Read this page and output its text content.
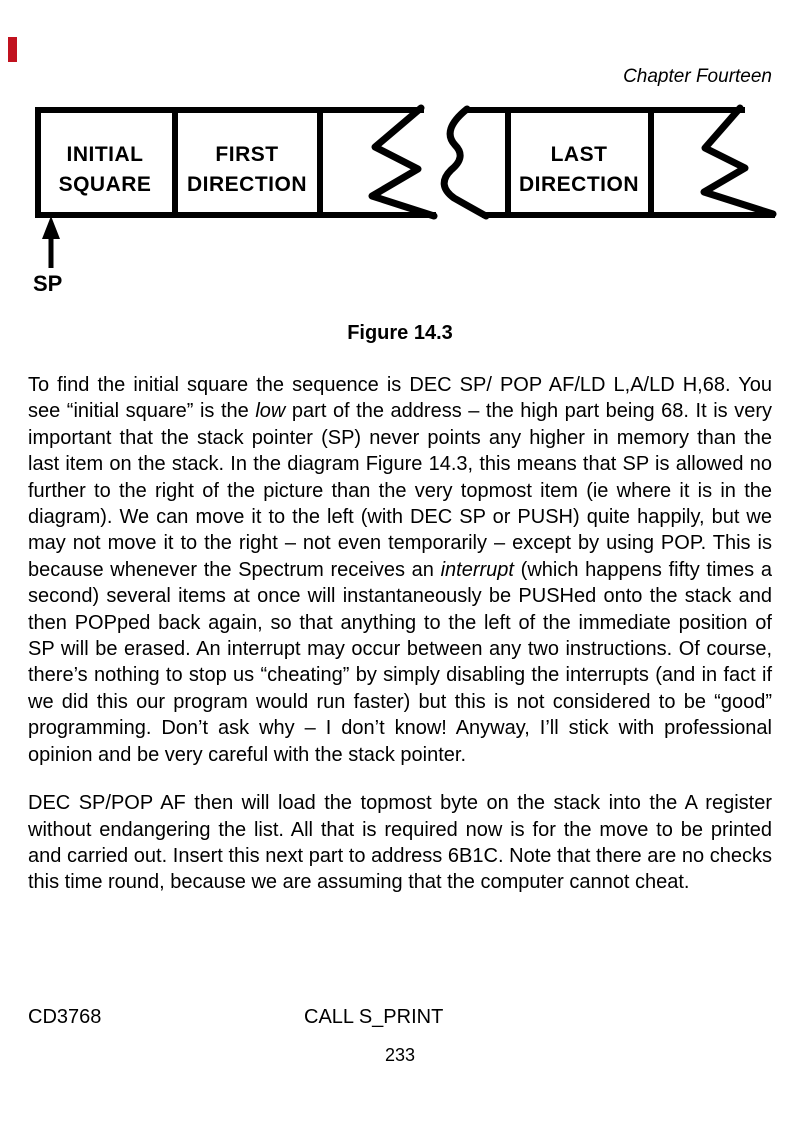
Chapter Fourteen
INITIAL
SQUARE
FIRST
DIRECTION
LAST
DIRECTION
SP
Figure 14.3

To find the initial square the sequence is DEC SP/ POP AF/LD L,A/LD H,68. You see “initial square” is the low part of the address – the high part being 68. It is very important that the stack pointer (SP) never points any higher in memory than the last item on the stack. In the diagram Figure 14.3, this means that SP is allowed no further to the right of the picture than the very topmost item (ie where it is in the diagram). We can move it to the left (with DEC SP or PUSH) quite happily, but we may not move it to the right – not even temporarily – except by using POP. This is because whenever the Spectrum receives an interrupt (which happens fifty times a second) several items at once will instantaneously be PUSHed onto the stack and then POPped back again, so that anything to the left of the immediate position of SP will be erased. An interrupt may occur between any two instructions. Of course, there’s nothing to stop us “cheating” by simply disabling the interrupts (and in fact if we did this our program would run faster) but this is not considered to be “good” programming. Don’t ask why – I don’t know! Anyway, I’ll stick with professional opinion and be very careful with the stack pointer.

DEC SP/POP AF then will load the topmost byte on the stack into the A register without endangering the list. All that is required now is for the move to be printed and carried out. Insert this next part to address 6B1C. Note that there are no checks this time round, because we are assuming that the computer cannot cheat.

CD3768	CALL S_PRINT
233
